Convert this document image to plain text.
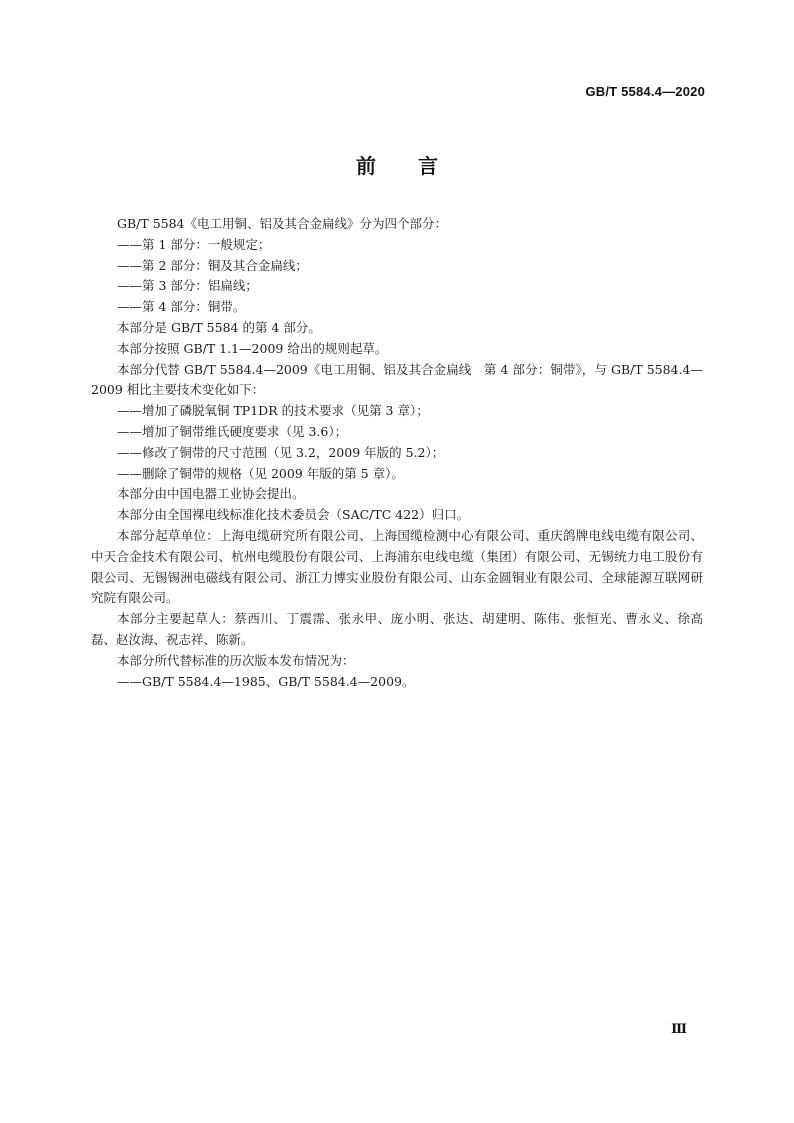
GB/T 5584.4—2020
前言

GB/T 5584《电工用铜、铝及其合金扁线》分为四个部分：

——第 1 部分：一般规定；

——第 2 部分：铜及其合金扁线；

——第 3 部分：铝扁线；

——第 4 部分：铜带。

本部分是 GB/T 5584 的第 4 部分。

本部分按照 GB/T 1.1—2009 给出的规则起草。

本部分代替 GB/T 5584.4—2009《电工用铜、铝及其合金扁线　第 4 部分：铜带》，与 GB/T 5584.4—2009 相比主要技术变化如下：

——增加了磷脱氧铜 TP1DR 的技术要求（见第 3 章）；

——增加了铜带维氏硬度要求（见 3.6）；

——修改了铜带的尺寸范围（见 3.2，2009 年版的 5.2）；

——删除了铜带的规格（见 2009 年版的第 5 章）。

本部分由中国电器工业协会提出。

本部分由全国裸电线标准化技术委员会（SAC/TC 422）归口。

本部分起草单位：上海电缆研究所有限公司、上海国缆检测中心有限公司、重庆鸽牌电线电缆有限公司、中天合金技术有限公司、杭州电缆股份有限公司、上海浦东电线电缆（集团）有限公司、无锡统力电工股份有限公司、无锡锡洲电磁线有限公司、浙江力博实业股份有限公司、山东金圆铜业有限公司、全球能源互联网研究院有限公司。

本部分主要起草人：蔡西川、丁震霈、张永甲、庞小明、张达、胡建明、陈伟、张恒光、曹永义、徐高磊、赵汝海、祝志祥、陈新。

本部分所代替标准的历次版本发布情况为：

——GB/T 5584.4—1985、GB/T 5584.4—2009。

Ⅲ
